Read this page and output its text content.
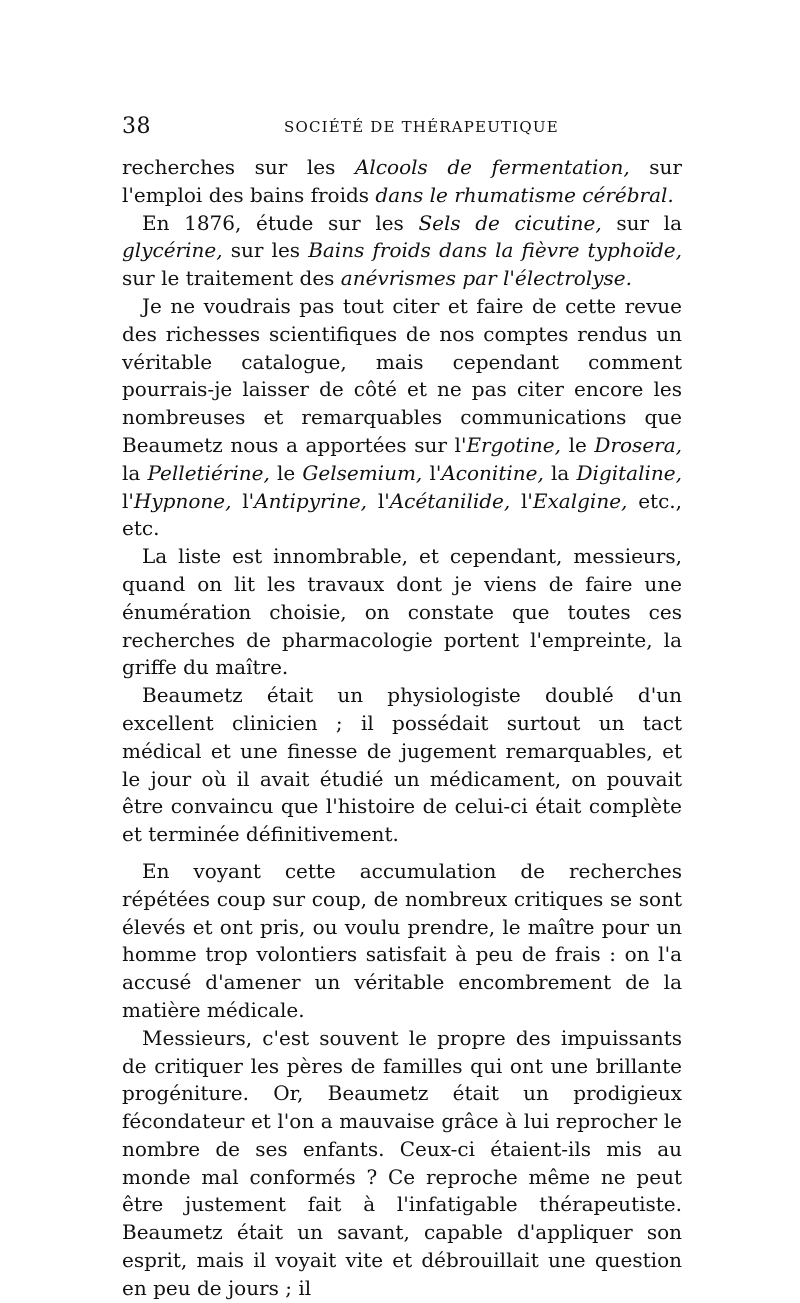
38	SOCIÉTÉ DE THÉRAPEUTIQUE

recherches sur les Alcools de fermentation, sur l'emploi des bains froids dans le rhumatisme cérébral.

En 1876, étude sur les Sels de cicutine, sur la glycérine, sur les Bains froids dans la fièvre typhoïde, sur le traitement des anévrismes par l'électrolyse.

Je ne voudrais pas tout citer et faire de cette revue des richesses scientifiques de nos comptes rendus un véritable catalogue, mais cependant comment pourrais-je laisser de côté et ne pas citer encore les nombreuses et remarquables communications que Beaumetz nous a apportées sur l'Ergotine, le Drosera, la Pelletiérine, le Gelsemium, l'Aconitine, la Digitaline, l'Hypnone, l'Antipyrine, l'Acétanilide, l'Exalgine, etc., etc.

La liste est innombrable, et cependant, messieurs, quand on lit les travaux dont je viens de faire une énumération choisie, on constate que toutes ces recherches de pharmacologie portent l'empreinte, la griffe du maître.

Beaumetz était un physiologiste doublé d'un excellent clinicien ; il possédait surtout un tact médical et une finesse de jugement remarquables, et le jour où il avait étudié un médicament, on pouvait être convaincu que l'histoire de celui-ci était complète et terminée définitivement.

En voyant cette accumulation de recherches répétées coup sur coup, de nombreux critiques se sont élevés et ont pris, ou voulu prendre, le maître pour un homme trop volontiers satisfait à peu de frais : on l'a accusé d'amener un véritable encombrement de la matière médicale.

Messieurs, c'est souvent le propre des impuissants de critiquer les pères de familles qui ont une brillante progéniture. Or, Beaumetz était un prodigieux fécondateur et l'on a mauvaise grâce à lui reprocher le nombre de ses enfants. Ceux-ci étaient-ils mis au monde mal conformés ? Ce reproche même ne peut être justement fait à l'infatigable thérapeutiste. Beaumetz était un savant, capable d'appliquer son esprit, mais il voyait vite et débrouillait une question en peu de jours ; il
